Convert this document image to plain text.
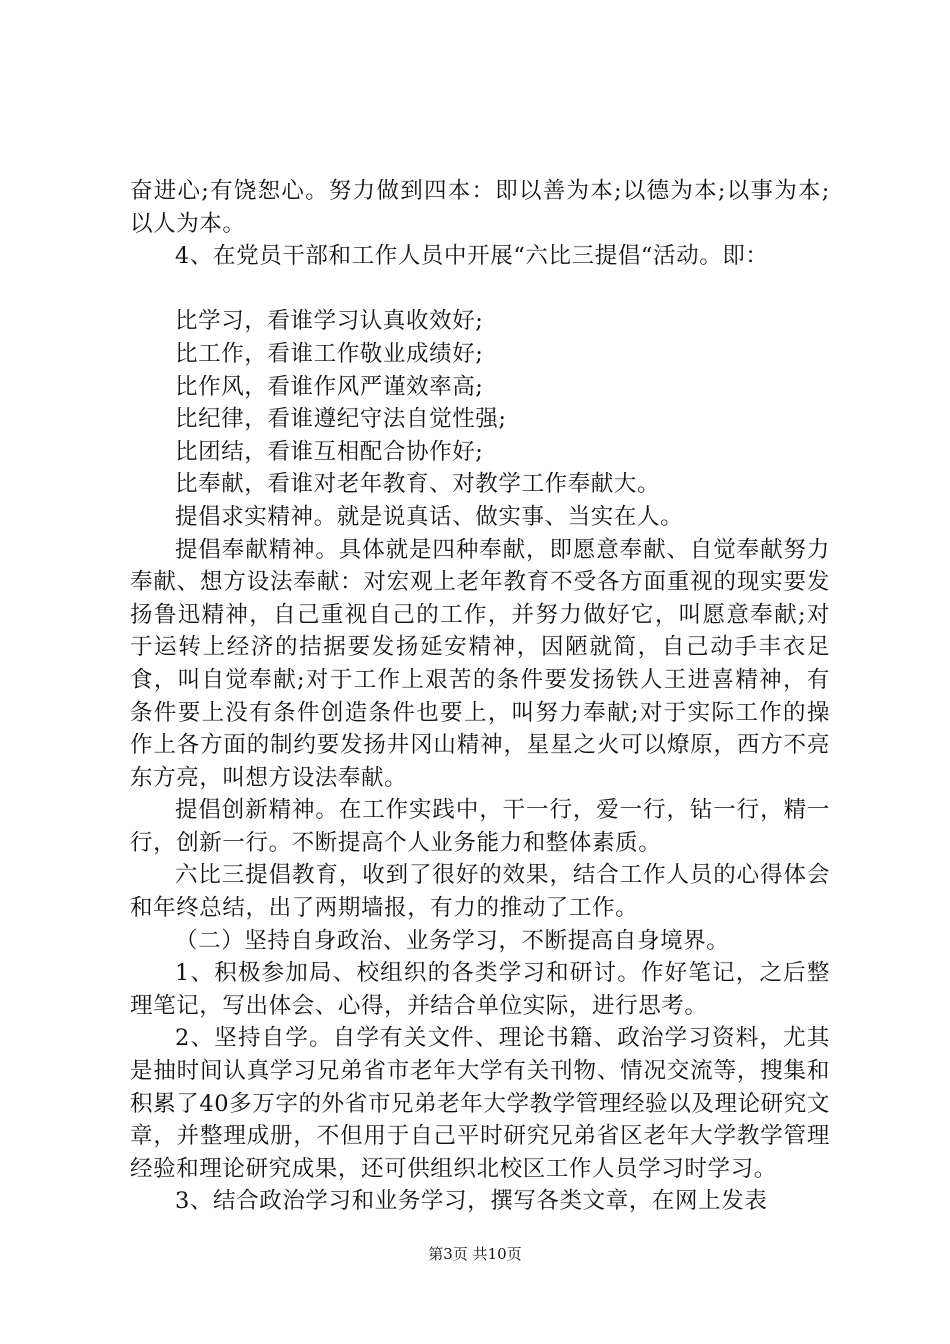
奋进心;有饶恕心。努力做到四本：即以善为本;以德为本;以事为本;以人为本。

4、在党员干部和工作人员中开展“六比三提倡“活动。即：

比学习，看谁学习认真收效好;

比工作，看谁工作敬业成绩好;

比作风，看谁作风严谨效率高;

比纪律，看谁遵纪守法自觉性强;

比团结，看谁互相配合协作好;

比奉献，看谁对老年教育、对教学工作奉献大。

提倡求实精神。就是说真话、做实事、当实在人。

提倡奉献精神。具体就是四种奉献，即愿意奉献、自觉奉献努力奉献、想方设法奉献：对宏观上老年教育不受各方面重视的现实要发扬鲁迅精神，自己重视自己的工作，并努力做好它，叫愿意奉献;对于运转上经济的拮据要发扬延安精神，因陋就简，自己动手丰衣足食，叫自觉奉献;对于工作上艰苦的条件要发扬铁人王进喜精神，有条件要上没有条件创造条件也要上，叫努力奉献;对于实际工作的操作上各方面的制约要发扬井冈山精神，星星之火可以燎原，西方不亮东方亮，叫想方设法奉献。

提倡创新精神。在工作实践中，干一行，爱一行，钻一行，精一行，创新一行。不断提高个人业务能力和整体素质。

六比三提倡教育，收到了很好的效果，结合工作人员的心得体会和年终总结，出了两期墙报，有力的推动了工作。

（二）坚持自身政治、业务学习，不断提高自身境界。

1、积极参加局、校组织的各类学习和研讨。作好笔记，之后整理笔记，写出体会、心得，并结合单位实际，进行思考。

2、坚持自学。自学有关文件、理论书籍、政治学习资料，尤其是抽时间认真学习兄弟省市老年大学有关刊物、情况交流等，搜集和积累了40多万字的外省市兄弟老年大学教学管理经验以及理论研究文章，并整理成册，不但用于自己平时研究兄弟省区老年大学教学管理经验和理论研究成果，还可供组织北校区工作人员学习时学习。

3、结合政治学习和业务学习，撰写各类文章，在网上发表

第3页 共10页
